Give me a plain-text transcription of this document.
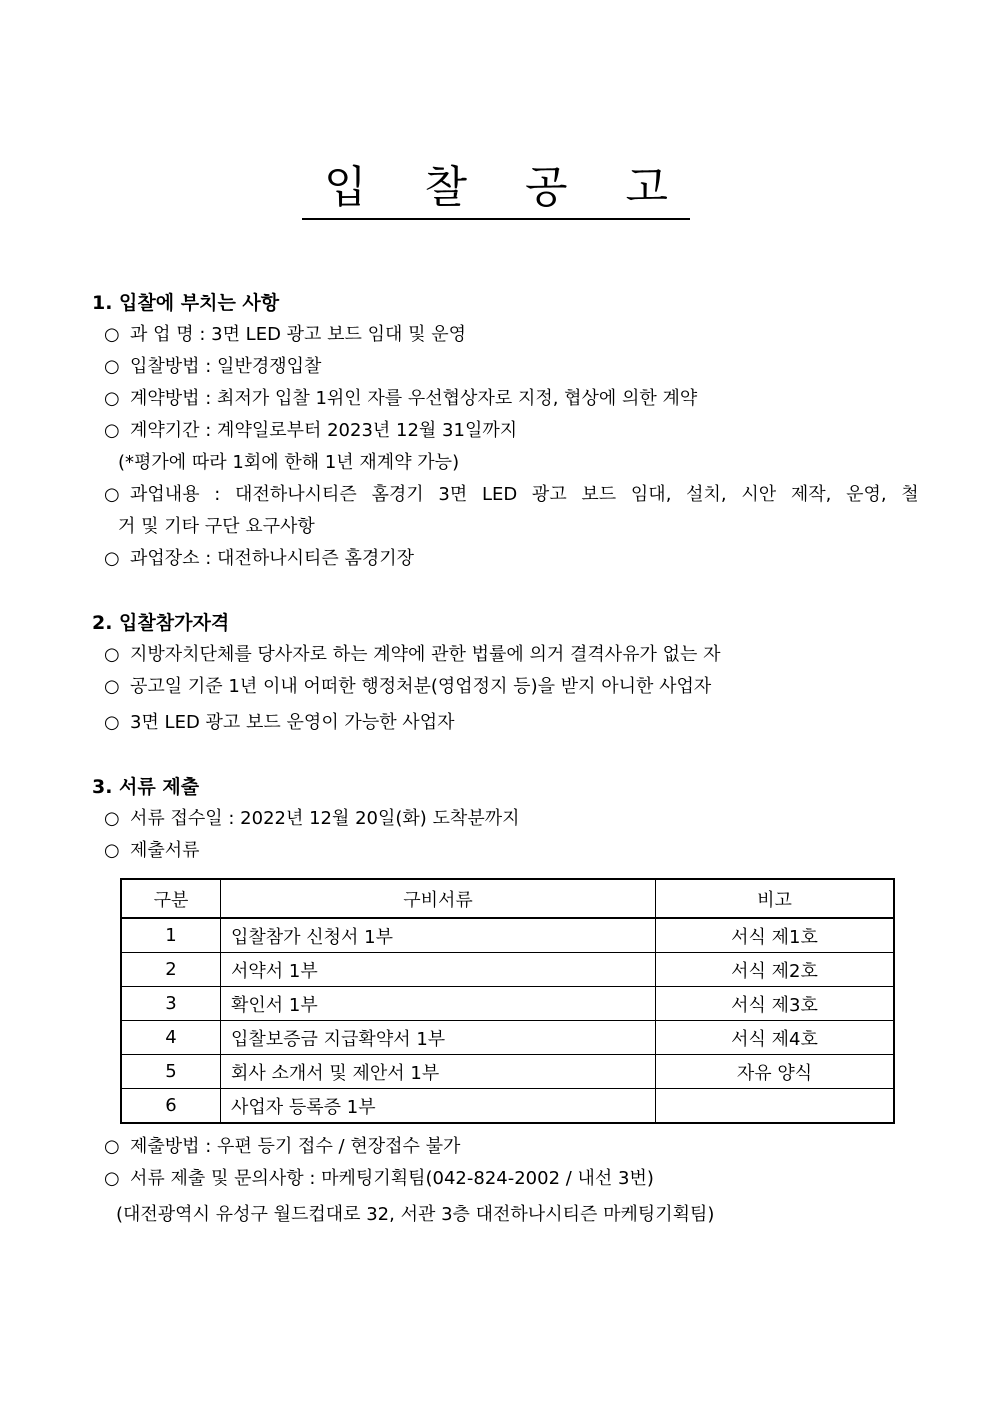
입 찰 공 고
1. 입찰에 부치는 사항
○ 과 업 명 : 3면 LED 광고 보드 임대 및 운영
○ 입찰방법 : 일반경쟁입찰
○ 계약방법 : 최저가 입찰 1위인 자를 우선협상자로 지정, 협상에 의한 계약
○ 계약기간 : 계약일로부터 2023년 12월 31일까지
(*평가에 따라 1회에 한해 1년 재계약 가능)
○ 과업내용 : 대전하나시티즌 홈경기 3면 LED 광고 보드 임대, 설치, 시안 제작, 운영, 철
거 및 기타 구단 요구사항
○ 과업장소 : 대전하나시티즌 홈경기장
2. 입찰참가자격
○ 지방자치단체를 당사자로 하는 계약에 관한 법률에 의거 결격사유가 없는 자
○ 공고일 기준 1년 이내 어떠한 행정처분(영업정지 등)을 받지 아니한 사업자
○ 3면 LED 광고 보드 운영이 가능한 사업자
3. 서류 제출
○ 서류 접수일 : 2022년 12월 20일(화) 도착분까지
○ 제출서류
구분	구비서류	비고
1	입찰참가 신청서 1부	서식 제1호
2	서약서 1부	서식 제2호
3	확인서 1부	서식 제3호
4	입찰보증금 지급확약서 1부	서식 제4호
5	회사 소개서 및 제안서 1부	자유 양식
6	사업자 등록증 1부	
○ 제출방법 : 우편 등기 접수 / 현장접수 불가
○ 서류 제출 및 문의사항 : 마케팅기획팀(042-824-2002 / 내선 3번)
(대전광역시 유성구 월드컵대로 32, 서관 3층 대전하나시티즌 마케팅기획팀)
